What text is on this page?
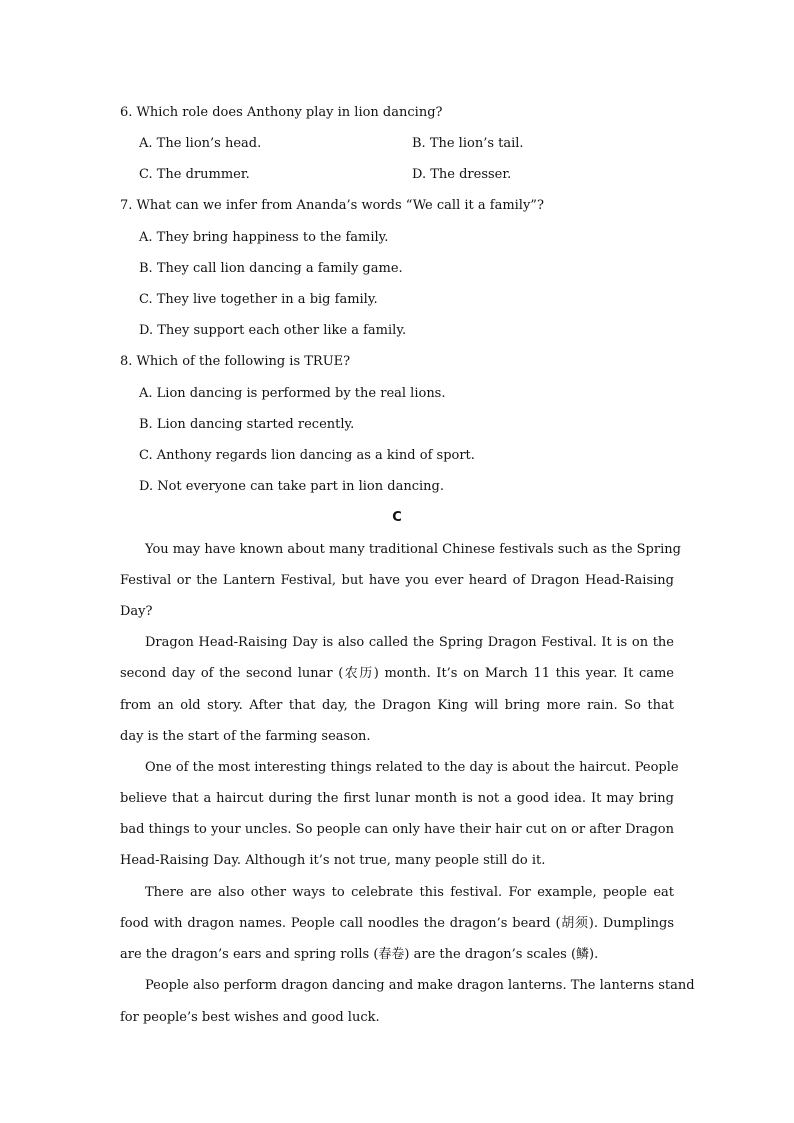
6. Which role does Anthony play in lion dancing?
A. The lion’s head.	B. The lion’s tail.
C. The drummer.	D. The dresser.
7. What can we infer from Ananda’s words “We call it a family”?
A. They bring happiness to the family.
B. They call lion dancing a family game.
C. They live together in a big family.
D. They support each other like a family.
8. Which of the following is TRUE?
A. Lion dancing is performed by the real lions.
B. Lion dancing started recently.
C. Anthony regards lion dancing as a kind of sport.
D. Not everyone can take part in lion dancing.
C
You may have known about many traditional Chinese festivals such as the Spring
Festival or the Lantern Festival, but have you ever heard of Dragon Head-Raising
Day?
Dragon Head-Raising Day is also called the Spring Dragon Festival. It is on the
second day of the second lunar (农历) month. It’s on March 11 this year. It came
from an old story. After that day, the Dragon King will bring more rain. So that
day is the start of the farming season.
One of the most interesting things related to the day is about the haircut. People
believe that a haircut during the first lunar month is not a good idea. It may bring
bad things to your uncles. So people can only have their hair cut on or after Dragon
Head-Raising Day. Although it’s not true, many people still do it.
There are also other ways to celebrate this festival. For example, people eat
food with dragon names. People call noodles the dragon’s beard (胡须). Dumplings
are the dragon’s ears and spring rolls (春卷) are the dragon’s scales (鳞).
People also perform dragon dancing and make dragon lanterns. The lanterns stand
for people’s best wishes and good luck.
